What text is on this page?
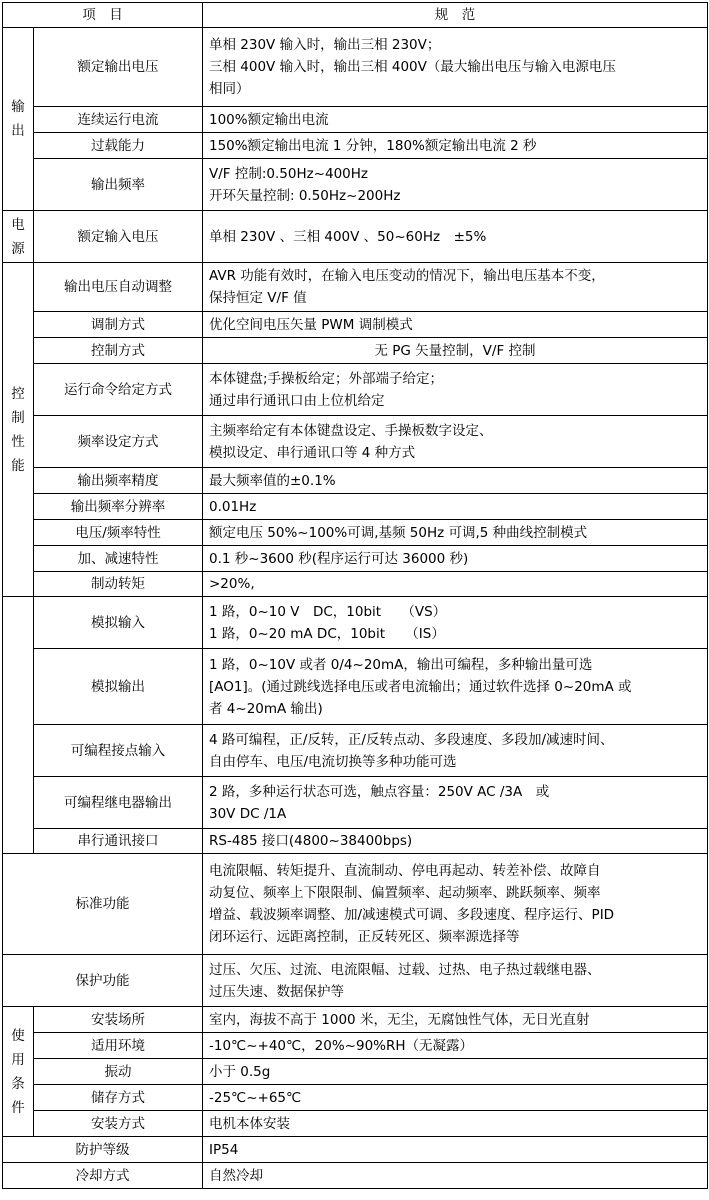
项　目		规　范

输
出	额定输出电压	单相 230V 输入时，输出三相 230V；
三相 400V 输入时，输出三相 400V（最大输出电压与输入电源电压
相同）

	连续运行电流	100%额定输出电流

	过载能力	150%额定输出电流 1 分钟，180%额定输出电流 2 秒

	输出频率	V/F 控制:0.50Hz~400Hz
开环矢量控制: 0.50Hz~200Hz

电
源	额定输入电压	单相 230V 、三相 400V 、50~60Hz　±5%

控
制
性
能	输出电压自动调整	AVR 功能有效时，在输入电压变动的情况下，输出电压基本不变，
保持恒定 V/F 值

	调制方式	优化空间电压矢量 PWM 调制模式

	控制方式	无 PG 矢量控制，V/F 控制

	运行命令给定方式	本体键盘;手操板给定；外部端子给定；
通过串行通讯口由上位机给定

	频率设定方式	主频率给定有本体键盘设定、手操板数字设定、
模拟设定、串行通讯口等 4 种方式

	输出频率精度	最大频率值的±0.1%

	输出频率分辨率	0.01Hz

	电压/频率特性	额定电压 50%~100%可调,基频 50Hz 可调,5 种曲线控制模式

	加、减速特性	0.1 秒~3600 秒(程序运行可达 36000 秒)

	制动转矩	>20%,

	模拟输入	1 路，0~10 V　DC，10bit　　（VS）
1 路，0~20 mA DC，10bit　　（IS）

	模拟输出	1 路，0~10V 或者 0/4~20mA，输出可编程，多种输出量可选
[AO1]。(通过跳线选择电压或者电流输出；通过软件选择 0~20mA 或
者 4~20mA 输出)

	可编程接点输入	4 路可编程，正/反转，正/反转点动、多段速度、多段加/减速时间、
自由停车、电压/电流切换等多种功能可选

	可编程继电器输出	2 路，多种运行状态可选，触点容量：250V AC /3A　或
30V DC /1A

	串行通讯接口	RS-485 接口(4800~38400bps)

标准功能		电流限幅、转矩提升、直流制动、停电再起动、转差补偿、故障自
动复位、频率上下限限制、偏置频率、起动频率、跳跃频率、频率
增益、载波频率调整、加/减速模式可调、多段速度、程序运行、PID
闭环运行、远距离控制，正反转死区、频率源选择等

保护功能		过压、欠压、过流、电流限幅、过载、过热、电子热过载继电器、
过压失速、数据保护等

使
用
条
件	安装场所	室内，海拔不高于 1000 米，无尘，无腐蚀性气体，无日光直射

	适用环境	-10℃~+40℃，20%~90%RH（无凝露）

	振动	小于 0.5g

	储存方式	-25℃~+65℃

	安装方式	电机本体安装

防护等级		IP54

冷却方式		自然冷却
